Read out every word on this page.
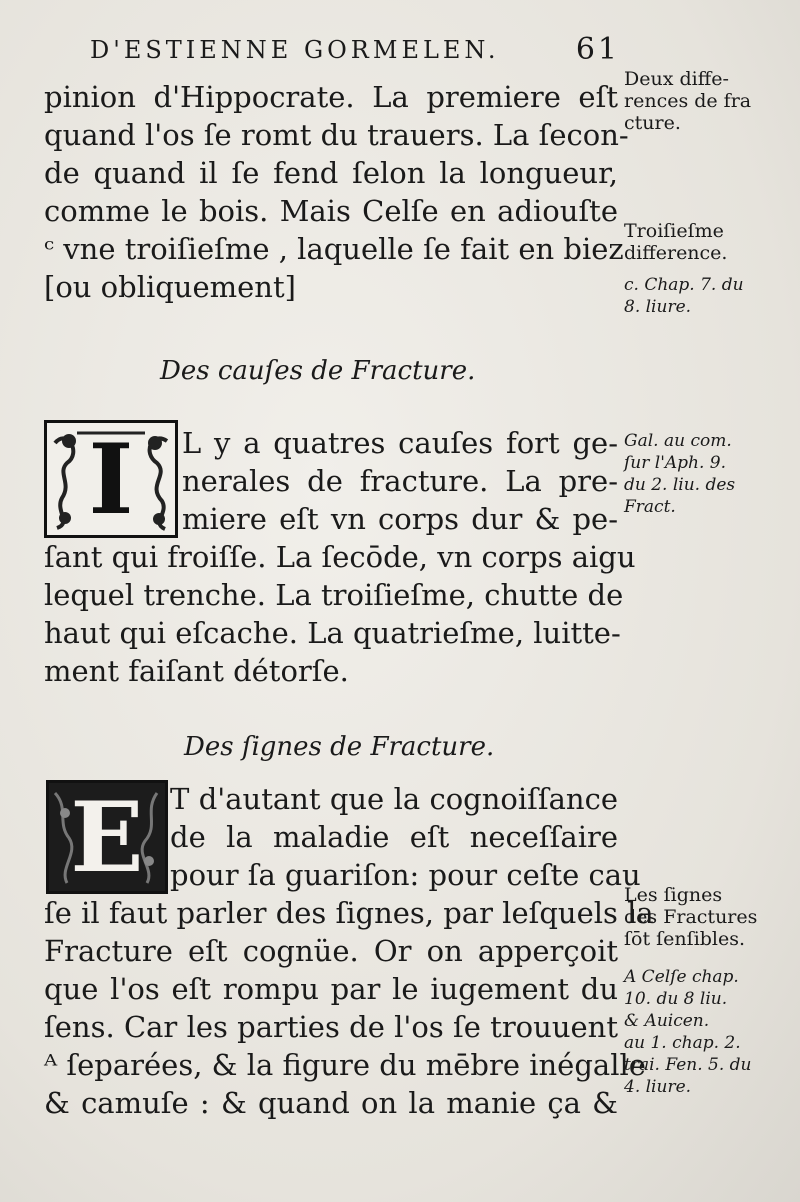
D'ESTIENNE GORMELEN.	61
pinion d'Hippocrate. La premiere eſt
quand l'os ſe romt du trauers. La ſecon-
de quand il ſe fend ſelon la longueur,
comme le bois. Mais Celſe en adiouſte
ᶜ vne troiſieſme , laquelle ſe fait en biez
[ou obliquement]
Deux diffe-
rences de fra
cture.
Troiſieſme
difference.
c. Chap. 7. du
8. liure.
Des cauſes de Fracture.
I	L y a quatres cauſes fort ge-
nerales de fracture. La pre-
miere eſt vn corps dur & pe-
ſant qui froiſſe. La ſecōde, vn corps aigu
lequel trenche. La troiſieſme, chutte de
haut qui eſcache. La quatrieſme, luitte-
ment faiſant détorſe.
Gal. au com.
ſur l'Aph. 9.
du 2. liu. des
Fract.
Des ſignes de Fracture.
E T d'autant que la cognoiſſance
de la maladie eſt neceſſaire
pour ſa guariſon: pour ceſte cau
ſe il faut parler des ſignes, par leſquels la
Fracture eſt cognüe. Or on apperçoit
que l'os eſt rompu par le iugement du
ſens. Car les parties de l'os ſe trouuent
ᴬ ſeparées, & la figure du mēbre inégalle
& camuſe : & quand on la manie ça &
Les ſignes
des Fractures
ſōt ſenſibles.
A Celſe chap.
10. du 8 liu.
& Auicen.
au 1. chap. 2.
trai. Fen. 5. du
4. liure.
